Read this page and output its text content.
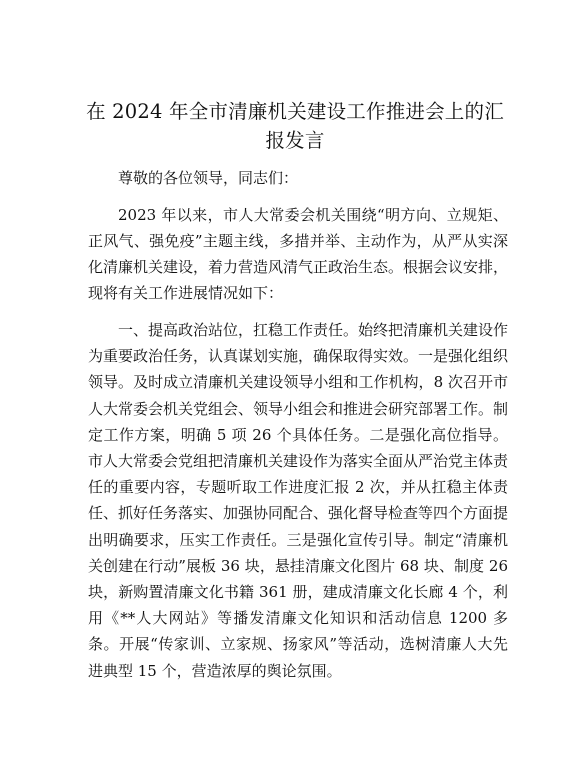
在 2024 年全市清廉机关建设工作推进会上的汇报发言

尊敬的各位领导，同志们：

2023 年以来，市人大常委会机关围绕“明方向、立规矩、正风气、强免疫”主题主线，多措并举、主动作为，从严从实深化清廉机关建设，着力营造风清气正政治生态。根据会议安排，现将有关工作进展情况如下：

一、提高政治站位，扛稳工作责任。始终把清廉机关建设作为重要政治任务，认真谋划实施，确保取得实效。一是强化组织领导。及时成立清廉机关建设领导小组和工作机构，8 次召开市人大常委会机关党组会、领导小组会和推进会研究部署工作。制定工作方案，明确 5 项 26 个具体任务。二是强化高位指导。市人大常委会党组把清廉机关建设作为落实全面从严治党主体责任的重要内容，专题听取工作进度汇报 2 次，并从扛稳主体责任、抓好任务落实、加强协同配合、强化督导检查等四个方面提出明确要求，压实工作责任。三是强化宣传引导。制定“清廉机关创建在行动”展板 36 块，悬挂清廉文化图片 68 块、制度 26 块，新购置清廉文化书籍 361 册，建成清廉文化长廊 4 个，利用《**人大网站》等播发清廉文化知识和活动信息 1200 多条。开展“传家训、立家规、扬家风”等活动，选树清廉人大先进典型 15 个，营造浓厚的舆论氛围。
